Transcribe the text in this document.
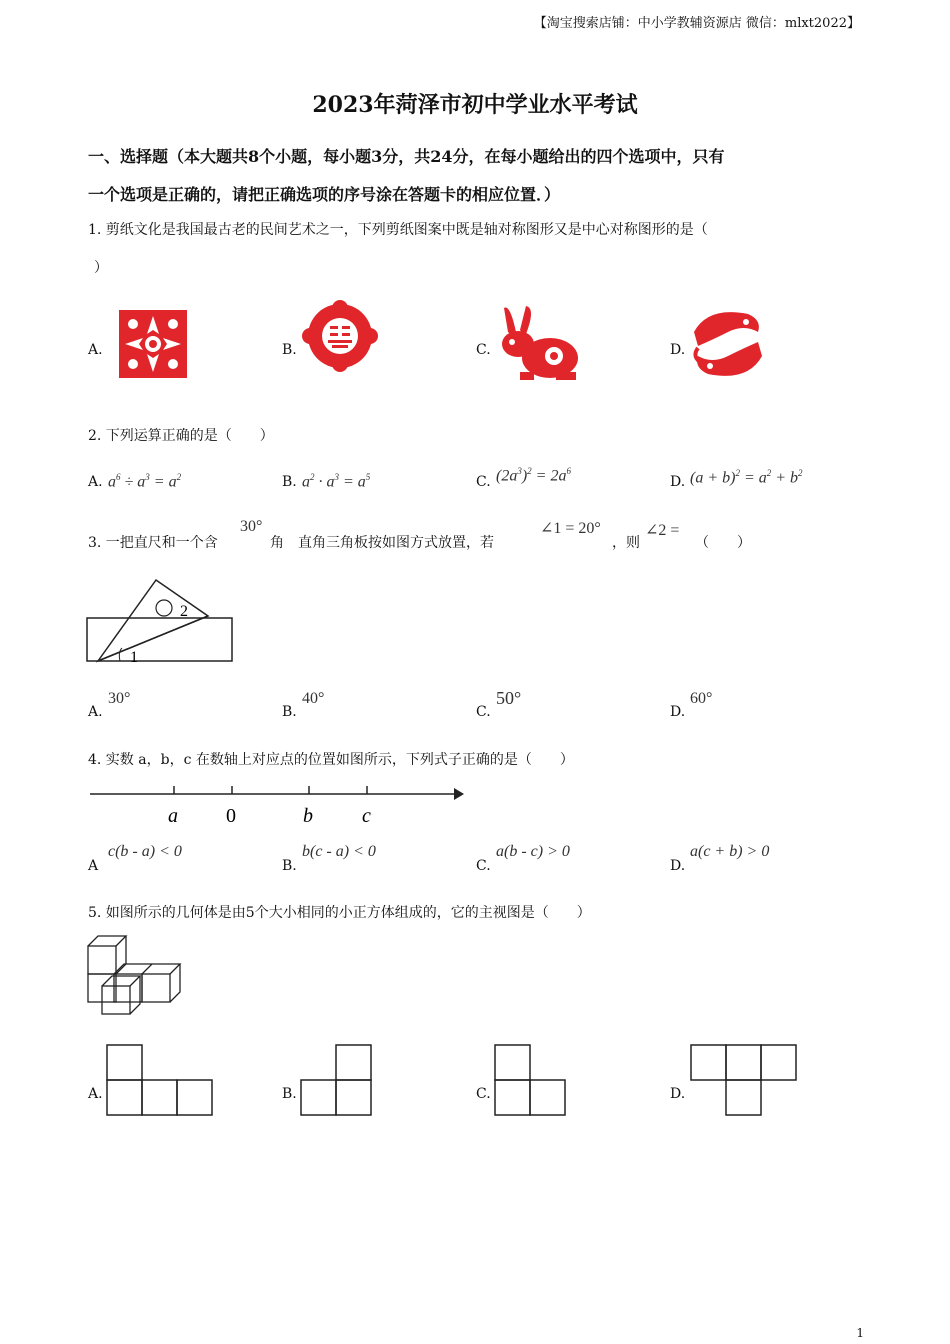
【淘宝搜索店铺：中小学教辅资源店 微信：mlxt2022】
2023年菏泽市初中学业水平考试
一、选择题（本大题共8个小题，每小题3分，共24分，在每小题给出的四个选项中，只有
一个选项是正确的，请把正确选项的序号涂在答题卡的相应位置．）
1. 剪纸文化是我国最古老的民间艺术之一，下列剪纸图案中既是轴对称图形又是中心对称图形的是（
）
A.	B.	C.	D.
2. 下列运算正确的是（　　）
A. $a^6 \div a^3 = a^2$	B. $a^2 \cdot a^3 = a^5$	C. $(2a^3)^2 = 2a^6$
D. $(a + b)^2 = a^2 + b^2$
3. 一把直尺和一个含
30°
角　直角三角板按如图方式放置，若
∠1 = 20°
，则
∠2 =
（　　）
1
2
A.
30°
B.
40°
C.
50°
D.
60°
4. 实数 a，b，c 在数轴上对应点的位置如图所示，下列式子正确的是（　　）
a 0	b c
A
c(b - a) < 0
B.
b(c - a) < 0
C.
a(b - c) > 0
D.
a(c + b) > 0
5. 如图所示的几何体是由5个大小相同的小正方体组成的，它的主视图是（　　）
A.	B.	C.	D.
1
